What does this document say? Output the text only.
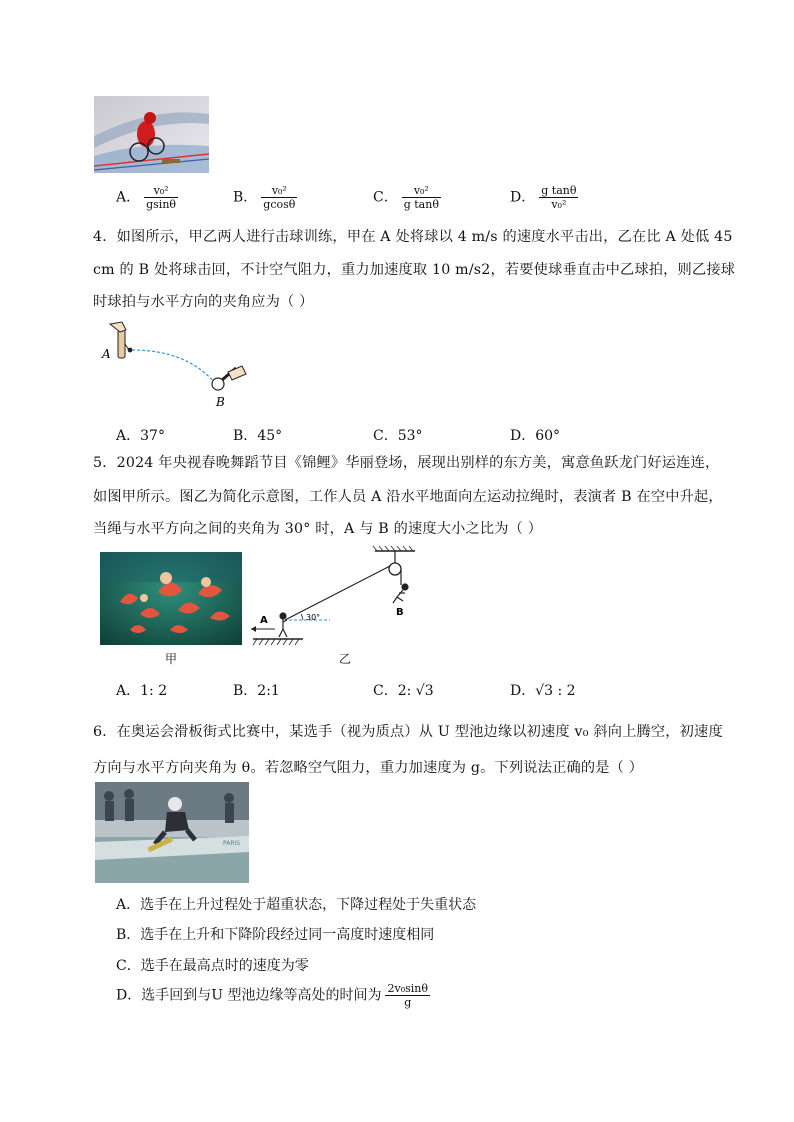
A． $\frac{\text{v₀²}}{gsin\theta}$	B． $\frac{\text{v₀²}}{gcos\theta}$	C． $\frac{\text{v₀²}}{\text{g tanθ}}$	D． $\frac{\text{g tanθ}}{\text{v₀²}}$
4．如图所示，甲乙两人进行击球训练，甲在 A 处将球以 4 m/s 的速度水平击出，乙在比 A 处低 45
cm 的 B 处将球击回，不计空气阻力，重力加速度取 10 m/s2，若要使球垂直击中乙球拍，则乙接球
时球拍与水平方向的夹角应为（ ）
A
B
A．37°	B．45°	C．53°	D．60°
5．2024 年央视春晚舞蹈节目《锦鲤》华丽登场，展现出别样的东方美，寓意鱼跃龙门好运连连，
如图甲所示。图乙为简化示意图，工作人员 A 沿水平地面向左运动拉绳时，表演者 B 在空中升起，
当绳与水平方向之间的夹角为 30° 时，A 与 B 的速度大小之比为（ ）
甲
B
30°
A
乙
A．1: 2	B．2:1	C．2: √3	D．√3 : 2
6．在奥运会滑板街式比赛中，某选手（视为质点）从 U 型池边缘以初速度 v₀ 斜向上腾空，初速度
方向与水平方向夹角为 θ。若忽略空气阻力，重力加速度为 g。下列说法正确的是（ ）
PARIS
A．选手在上升过程处于超重状态，下降过程处于失重状态
B．选手在上升和下降阶段经过同一高度时速度相同
C．选手在最高点时的速度为零
D．选手回到与U 型池边缘等高处的时间为 $\frac{\text{2v₀sinθ}}{g}$
